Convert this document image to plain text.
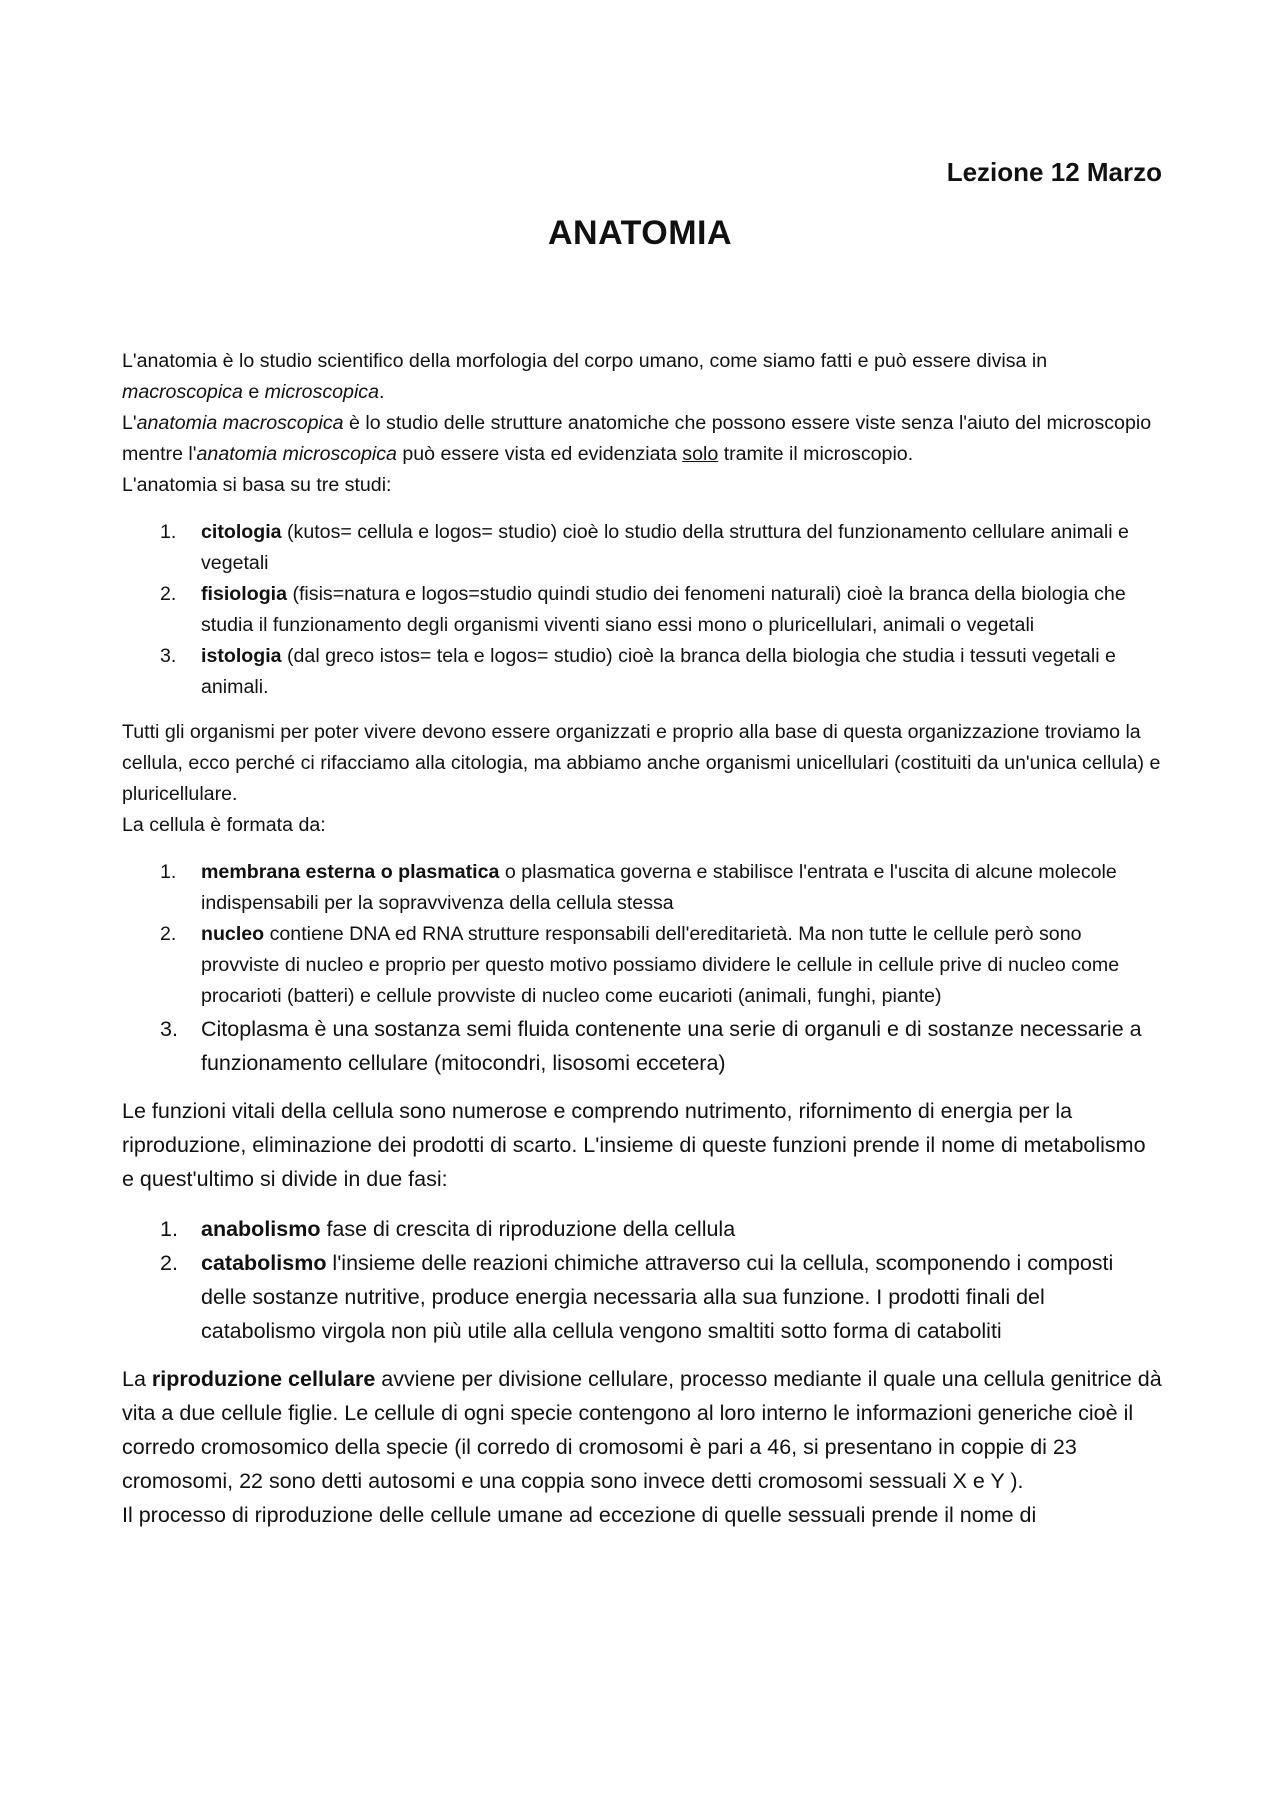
Lezione 12 Marzo

ANATOMIA

L'anatomia è lo studio scientifico della morfologia del corpo umano, come siamo fatti e può essere divisa in macroscopica e microscopica.

L'anatomia macroscopica è lo studio delle strutture anatomiche che possono essere viste senza l'aiuto del microscopio mentre l'anatomia microscopica può essere vista ed evidenziata solo tramite il microscopio.

L'anatomia si basa su tre studi:

1. citologia (kutos= cellula e logos= studio) cioè lo studio della struttura del funzionamento cellulare animali e vegetali
2. fisiologia (fisis=natura e logos=studio quindi studio dei fenomeni naturali) cioè la branca della biologia che studia il funzionamento degli organismi viventi siano essi mono o pluricellulari, animali o vegetali
3. istologia (dal greco istos= tela e logos= studio) cioè la branca della biologia che studia i tessuti vegetali e animali.

Tutti gli organismi per poter vivere devono essere organizzati e proprio alla base di questa organizzazione troviamo la cellula, ecco perché ci rifacciamo alla citologia, ma abbiamo anche organismi unicellulari (costituiti da un'unica cellula) e pluricellulare.

La cellula è formata da:

1. membrana esterna o plasmatica o plasmatica governa e stabilisce l'entrata e l'uscita di alcune molecole indispensabili per la sopravvivenza della cellula stessa
2. nucleo contiene DNA ed RNA strutture responsabili dell'ereditarietà. Ma non tutte le cellule però sono provviste di nucleo e proprio per questo motivo possiamo dividere le cellule in cellule prive di nucleo come procarioti (batteri) e cellule provviste di nucleo come eucarioti (animali, funghi, piante)
3. Citoplasma è una sostanza semi fluida contenente una serie di organuli e di sostanze necessarie a funzionamento cellulare (mitocondri, lisosomi eccetera)

Le funzioni vitali della cellula sono numerose e comprendo nutrimento, rifornimento di energia per la riproduzione, eliminazione dei prodotti di scarto. L'insieme di queste funzioni prende il nome di metabolismo e quest'ultimo si divide in due fasi:

1. anabolismo fase di crescita di riproduzione della cellula
2. catabolismo l'insieme delle reazioni chimiche attraverso cui la cellula, scomponendo i composti delle sostanze nutritive, produce energia necessaria alla sua funzione. I prodotti finali del catabolismo virgola non più utile alla cellula vengono smaltiti sotto forma di cataboliti

La riproduzione cellulare avviene per divisione cellulare, processo mediante il quale una cellula genitrice dà vita a due cellule figlie. Le cellule di ogni specie contengono al loro interno le informazioni generiche cioè il corredo cromosomico della specie (il corredo di cromosomi è pari a 46, si presentano in coppie di 23 cromosomi, 22 sono detti autosomi e una coppia sono invece detti cromosomi sessuali X e Y ).

Il processo di riproduzione delle cellule umane ad eccezione di quelle sessuali prende il nome di
